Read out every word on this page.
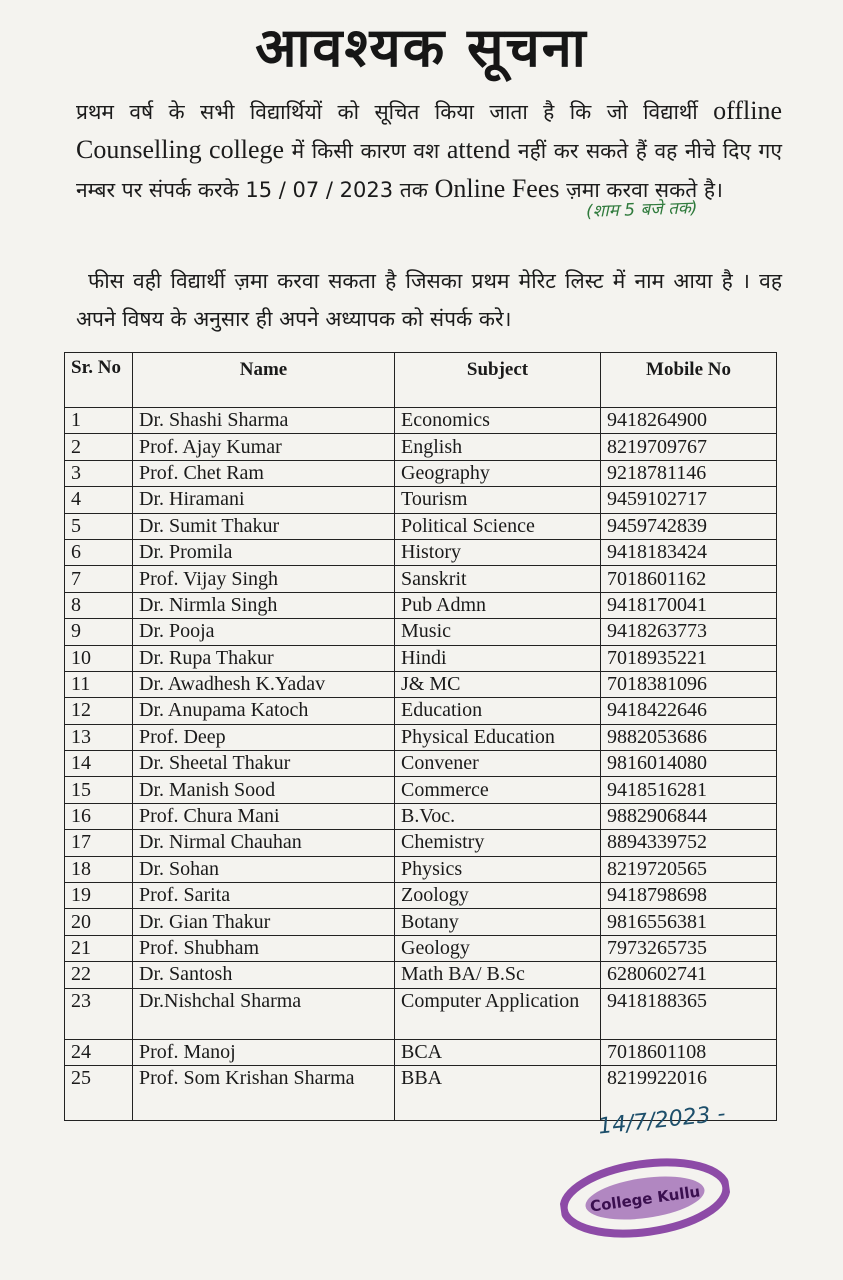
आवश्यक सूचना
प्रथम वर्ष के सभी विद्यार्थियों को सूचित किया जाता है कि जो विद्यार्थी offline Counselling college में किसी कारण वश attend नहीं कर सकते हैं वह नीचे दिए गए नम्बर पर संपर्क करके 15 / 07 / 2023 तक Online Fees ज़मा करवा सकते है।
(शाम 5 बजे तक)
फीस वही विद्यार्थी ज़मा करवा सकता है जिसका प्रथम मेरिट लिस्ट में नाम आया है । वह अपने विषय के अनुसार ही अपने अध्यापक को संपर्क करे।
Sr. No	Name	Subject	Mobile No
1	Dr. Shashi Sharma	Economics	9418264900
2	Prof. Ajay Kumar	English	8219709767
3	Prof. Chet Ram	Geography	9218781146
4	Dr. Hiramani	Tourism	9459102717
5	Dr. Sumit Thakur	Political Science	9459742839
6	Dr. Promila	History	9418183424
7	Prof. Vijay Singh	Sanskrit	7018601162
8	Dr. Nirmla Singh	Pub Admn	9418170041
9	Dr. Pooja	Music	9418263773
10	Dr. Rupa Thakur	Hindi	7018935221
11	Dr. Awadhesh K.Yadav	J& MC	7018381096
12	Dr. Anupama Katoch	Education	9418422646
13	Prof. Deep	Physical Education	9882053686
14	Dr. Sheetal Thakur	Convener	9816014080
15	Dr. Manish Sood	Commerce	9418516281
16	Prof. Chura Mani	B.Voc.	9882906844
17	Dr. Nirmal Chauhan	Chemistry	8894339752
18	Dr. Sohan	Physics	8219720565
19	Prof. Sarita	Zoology	9418798698
20	Dr. Gian Thakur	Botany	9816556381
21	Prof. Shubham	Geology	7973265735
22	Dr. Santosh	Math BA/ B.Sc	6280602741
23	Dr.Nishchal Sharma	Computer Application	9418188365
24	Prof. Manoj	BCA	7018601108
25	Prof. Som Krishan Sharma	BBA	8219922016
14/7/2023 -
College Kullu
